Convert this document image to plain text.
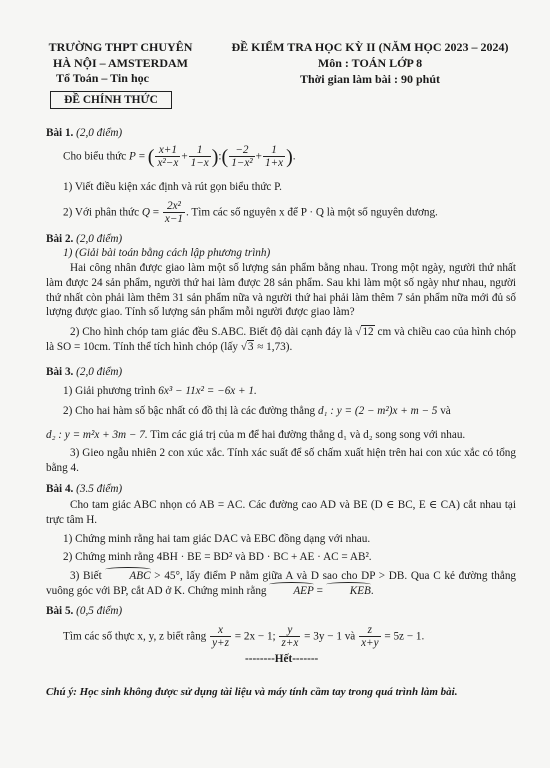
TRƯỜNG THPT CHUYÊN
HÀ NỘI – AMSTERDAM
Tổ Toán – Tin học
ĐỀ CHÍNH THỨC
ĐỀ KIỂM TRA HỌC KỲ II (NĂM HỌC 2023 – 2024)
Môn : TOÁN LỚP 8
Thời gian làm bài : 90 phút
Bài 1. (2,0 điểm)
Cho biểu thức P = ( $\frac{x+1}{\text{x²−x}} + \frac{1}{1-x}$ ):( $\frac{-2}{\text{1−x²}} + \frac{1}{1+x}$ ).
1) Viết điều kiện xác định và rút gọn biểu thức P.
2) Với phân thức $Q = \frac{\text{2x²}}{x-1}$ . Tìm các số nguyên x để P · Q là một số nguyên dương.
Bài 2. (2,0 điểm)
1) (Giải bài toán bằng cách lập phương trình)
Hai công nhân được giao làm một số lượng sản phẩm bằng nhau. Trong một ngày, người thứ nhất làm được 24 sản phẩm, người thứ hai làm được 28 sản phẩm. Sau khi làm một số ngày như nhau, người thứ nhất còn phải làm thêm 31 sản phẩm nữa và người thứ hai phải làm thêm 7 sản phẩm nữa mới đủ số lượng được giao. Tính số lượng sản phẩm mỗi người được giao làm?
2) Cho hình chóp tam giác đều S.ABC. Biết độ dài cạnh đáy là √12 cm và chiều cao của hình chóp là SO = 10cm. Tính thể tích hình chóp (lấy √3 ≈ 1,73).
Bài 3. (2,0 điểm)
1) Giải phương trình 6x³ − 11x² = −6x + 1.
2) Cho hai hàm số bậc nhất có đồ thị là các đường thẳng d₁ : y = (2 − m²)x + m − 5 và
d₂ : y = m²x + 3m − 7. Tìm các giá trị của m để hai đường thẳng d₁ và d₂ song song với nhau.
3) Gieo ngẫu nhiên 2 con xúc xắc. Tính xác suất để số chấm xuất hiện trên hai con xúc xắc có tổng bằng 4.
Bài 4. (3.5 điểm)
Cho tam giác ABC nhọn có AB = AC. Các đường cao AD và BE (D ∈ BC, E ∈ CA) cắt nhau tại trực tâm H.
1) Chứng minh rằng hai tam giác DAC và EBC đồng dạng với nhau.
2) Chứng minh rằng 4BH · BE = BD² và BD · BC + AE · AC = AB².
3) Biết ABC > 45°, lấy điểm P nằm giữa A và D sao cho DP > DB. Qua C kẻ đường thẳng vuông góc với BP, cắt AD ở K. Chứng minh rằng AEP = KEB.
Bài 5. (0,5 điểm)
Tìm các số thực x, y, z biết rằng $\frac{x}{y+z} = 2x - 1$; $\frac{y}{z+x} = 3y - 1$ và $\frac{z}{x+y} = 5z - 1$.
--------Hết-------
Chú ý: Học sinh không được sử dụng tài liệu và máy tính cầm tay trong quá trình làm bài.
